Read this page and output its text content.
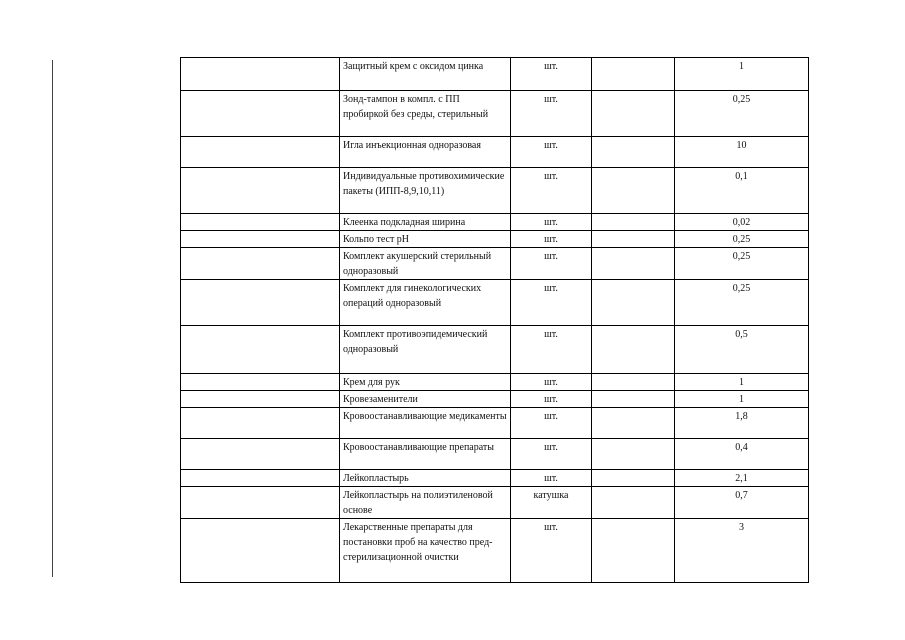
	Защитный крем с оксидом цинка	шт.		1
	Зонд-тампон в компл. с ПП пробиркой без среды, стерильный	шт.		0,25
	Игла инъекционная одноразовая	шт.		10
	Индивидуальные противохимические пакеты (ИПП-8,9,10,11)	шт.		0,1
	Клеенка подкладная ширина	шт.		0,02
	Кольпо тест pH	шт.		0,25
	Комплект акушерский стерильный одноразовый	шт.		0,25
	Комплект для гинекологических операций одноразовый	шт.		0,25
	Комплект противоэпидемический одноразовый	шт.		0,5
	Крем для рук	шт.		1
	Кровезаменители	шт.		1
	Кровоостанавливающие медикаменты	шт.		1,8
	Кровоостанавливающие препараты	шт.		0,4
	Лейкопластырь	шт.		2,1
	Лейкопластырь на полиэтиленовой основе	катушка		0,7
	Лекарственные препараты для постановки проб на качество пред-стерилизационной очистки	шт.		3
